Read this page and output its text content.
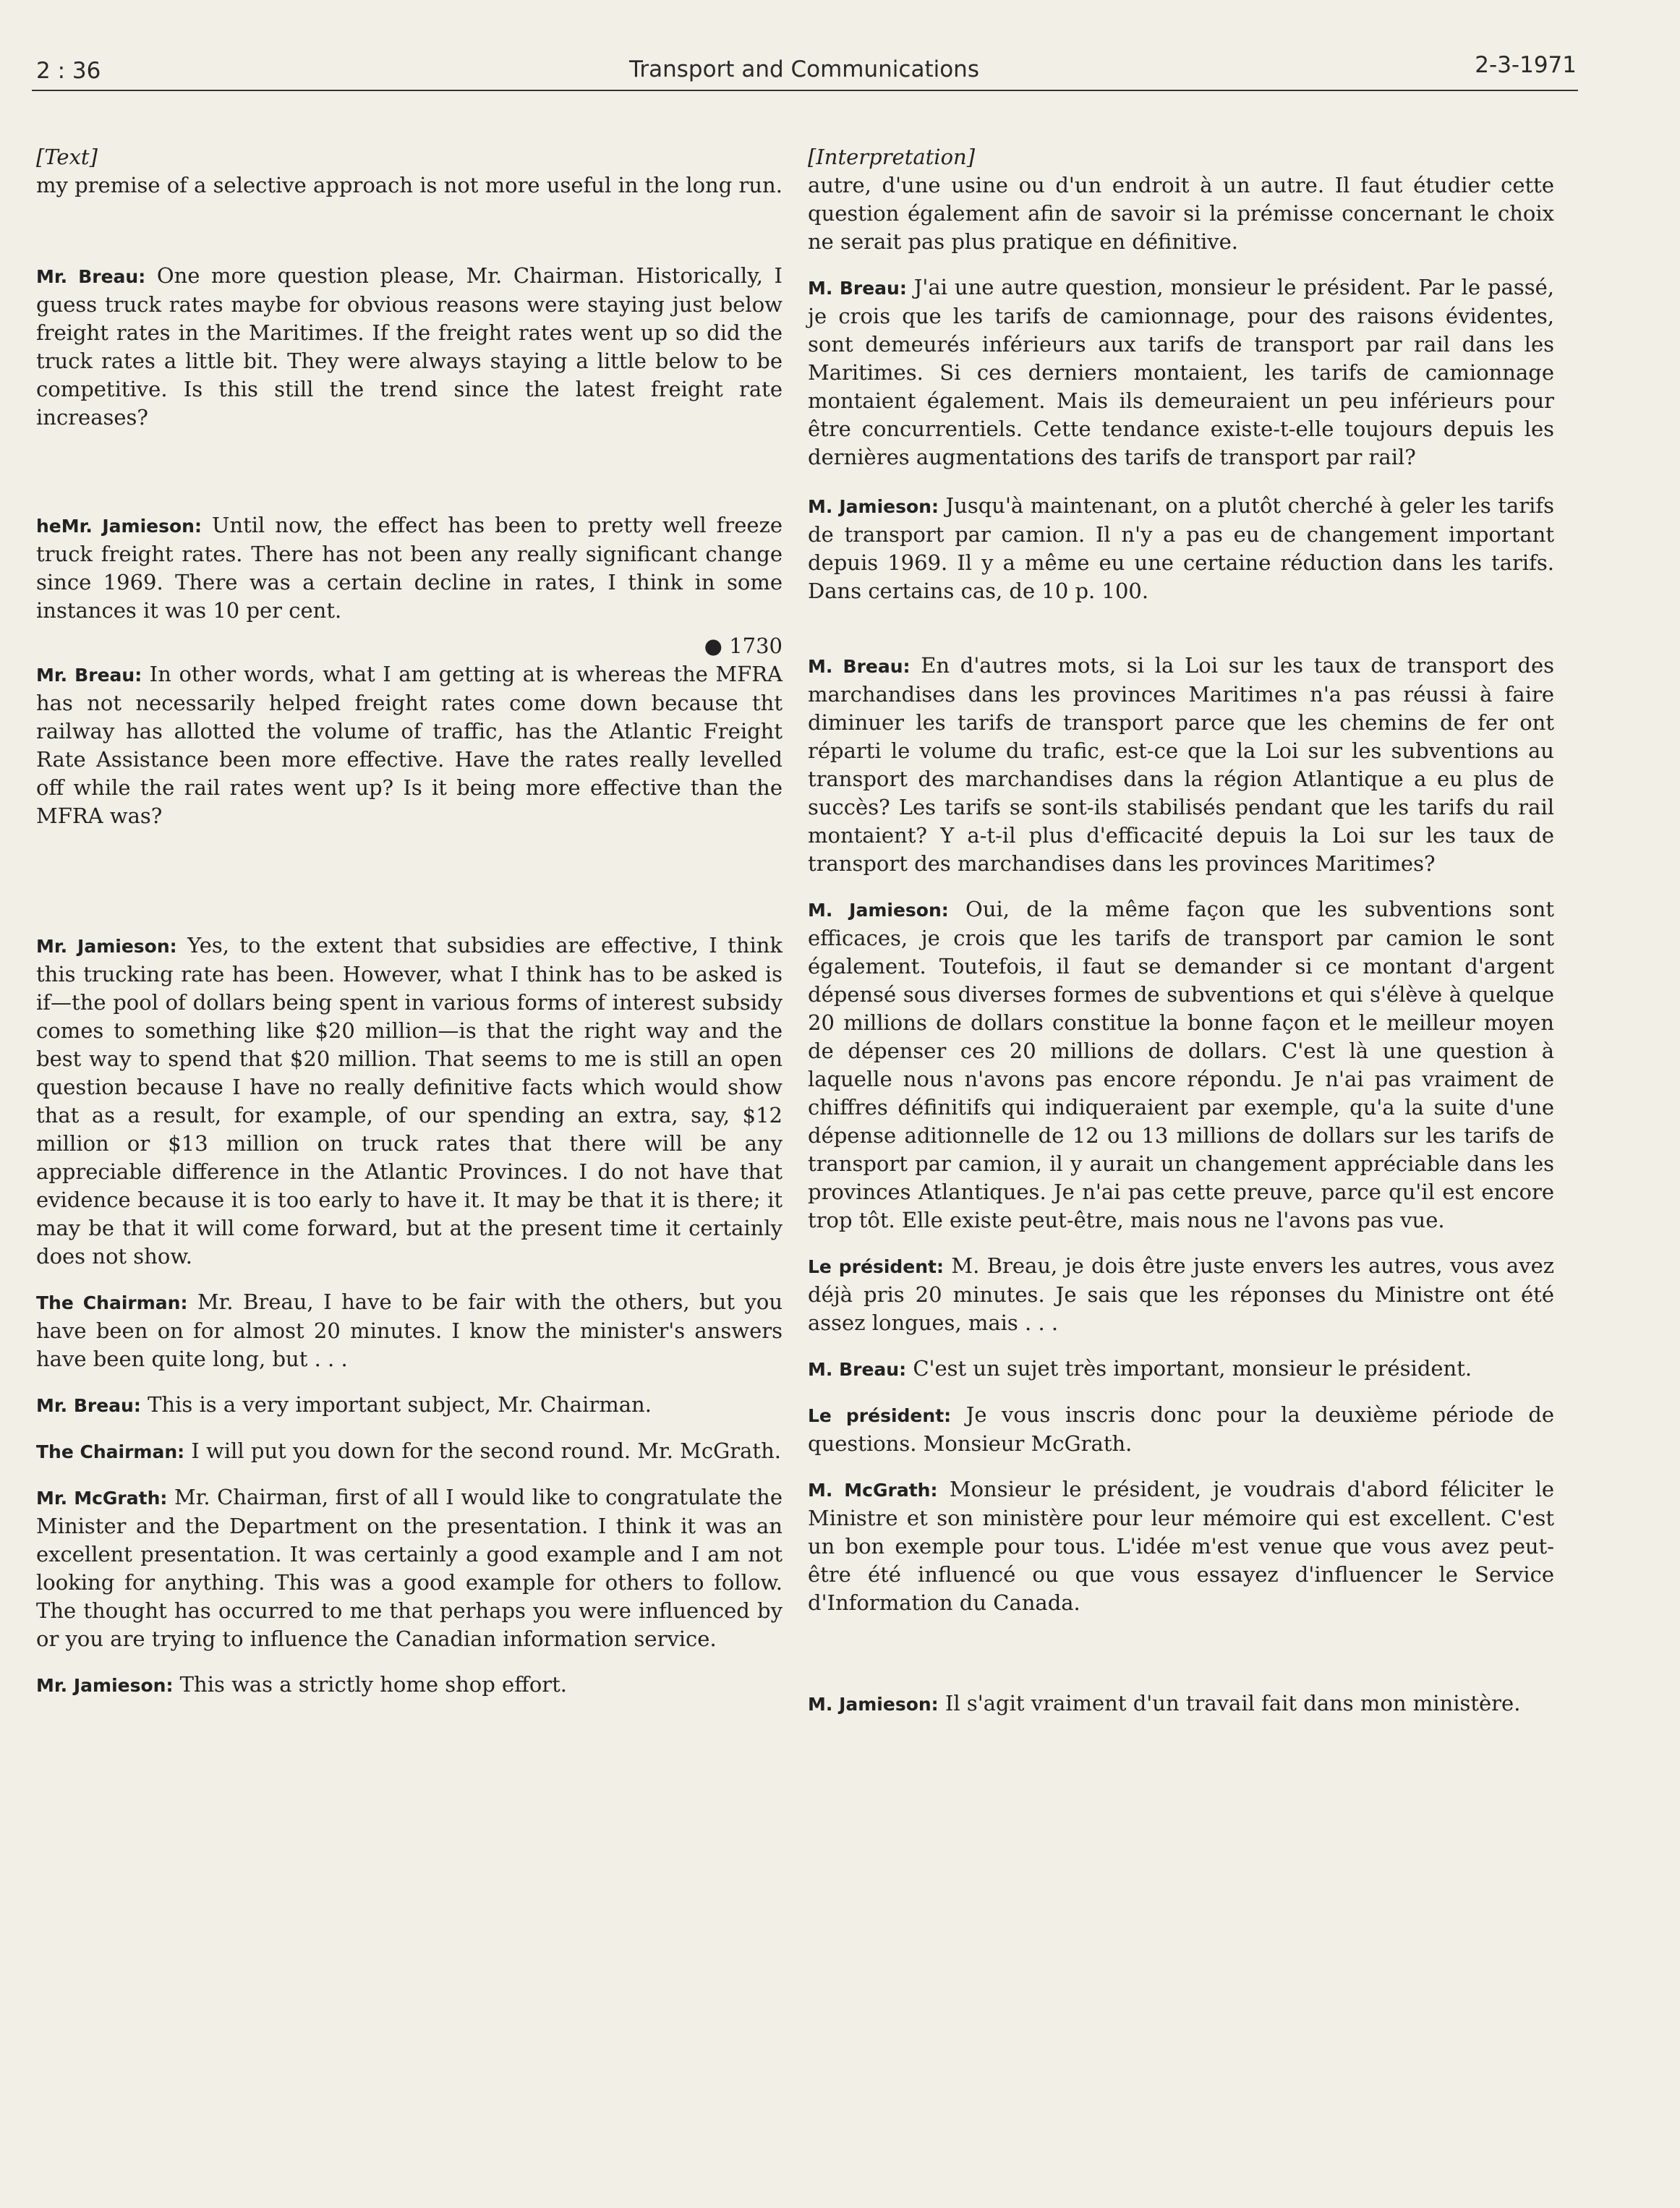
2 : 36	Transport and Communications	2-3-1971

[Text]

my premise of a selective approach is not more useful in the long run.

Mr. Breau: One more question please, Mr. Chairman. Historically, I guess truck rates maybe for obvious reasons were staying just below freight rates in the Maritimes. If the freight rates went up so did the truck rates a little bit. They were always staying a little below to be competitive. Is this still the trend since the latest freight rate increases?

heMr. Jamieson: Until now, the effect has been to pretty well freeze truck freight rates. There has not been any really significant change since 1969. There was a certain decline in rates, I think in some instances it was 10 per cent.

● 1730

Mr. Breau: In other words, what I am getting at is whereas the MFRA has not necessarily helped freight rates come down because tht railway has allotted the volume of traffic, has the Atlantic Freight Rate Assistance been more effective. Have the rates really levelled off while the rail rates went up? Is it being more effective than the MFRA was?

Mr. Jamieson: Yes, to the extent that subsidies are effective, I think this trucking rate has been. However, what I think has to be asked is if—the pool of dollars being spent in various forms of interest subsidy comes to something like $20 million—is that the right way and the best way to spend that $20 million. That seems to me is still an open question because I have no really definitive facts which would show that as a result, for example, of our spending an extra, say, $12 million or $13 million on truck rates that there will be any appreciable difference in the Atlantic Provinces. I do not have that evidence because it is too early to have it. It may be that it is there; it may be that it will come forward, but at the present time it certainly does not show.

The Chairman: Mr. Breau, I have to be fair with the others, but you have been on for almost 20 minutes. I know the minister's answers have been quite long, but . . .

Mr. Breau: This is a very important subject, Mr. Chairman.

The Chairman: I will put you down for the second round. Mr. McGrath.

Mr. McGrath: Mr. Chairman, first of all I would like to congratulate the Minister and the Department on the presentation. I think it was an excellent presentation. It was certainly a good example and I am not looking for anything. This was a good example for others to follow. The thought has occurred to me that perhaps you were influenced by or you are trying to influence the Canadian information service.

Mr. Jamieson: This was a strictly home shop effort.

[Interpretation]

autre, d'une usine ou d'un endroit à un autre. Il faut étudier cette question également afin de savoir si la prémisse concernant le choix ne serait pas plus pratique en définitive.

M. Breau: J'ai une autre question, monsieur le président. Par le passé, je crois que les tarifs de camionnage, pour des raisons évidentes, sont demeurés inférieurs aux tarifs de transport par rail dans les Maritimes. Si ces derniers montaient, les tarifs de camionnage montaient également. Mais ils demeuraient un peu inférieurs pour être concurrentiels. Cette tendance existe-t-elle toujours depuis les dernières augmentations des tarifs de transport par rail?

M. Jamieson: Jusqu'à maintenant, on a plutôt cherché à geler les tarifs de transport par camion. Il n'y a pas eu de changement important depuis 1969. Il y a même eu une certaine réduction dans les tarifs. Dans certains cas, de 10 p. 100.

M. Breau: En d'autres mots, si la Loi sur les taux de transport des marchandises dans les provinces Maritimes n'a pas réussi à faire diminuer les tarifs de transport parce que les chemins de fer ont réparti le volume du trafic, est-ce que la Loi sur les subventions au transport des marchandises dans la région Atlantique a eu plus de succès? Les tarifs se sont-ils stabilisés pendant que les tarifs du rail montaient? Y a-t-il plus d'efficacité depuis la Loi sur les taux de transport des marchandises dans les provinces Maritimes?

M. Jamieson: Oui, de la même façon que les subventions sont efficaces, je crois que les tarifs de transport par camion le sont également. Toutefois, il faut se demander si ce montant d'argent dépensé sous diverses formes de subventions et qui s'élève à quelque 20 millions de dollars constitue la bonne façon et le meilleur moyen de dépenser ces 20 millions de dollars. C'est là une question à laquelle nous n'avons pas encore répondu. Je n'ai pas vraiment de chiffres définitifs qui indiqueraient par exemple, qu'a la suite d'une dépense aditionnelle de 12 ou 13 millions de dollars sur les tarifs de transport par camion, il y aurait un changement appréciable dans les provinces Atlantiques. Je n'ai pas cette preuve, parce qu'il est encore trop tôt. Elle existe peut-être, mais nous ne l'avons pas vue.

Le président: M. Breau, je dois être juste envers les autres, vous avez déjà pris 20 minutes. Je sais que les réponses du Ministre ont été assez longues, mais . . .

M. Breau: C'est un sujet très important, monsieur le président.

Le président: Je vous inscris donc pour la deuxième période de questions. Monsieur McGrath.

M. McGrath: Monsieur le président, je voudrais d'abord féliciter le Ministre et son ministère pour leur mémoire qui est excellent. C'est un bon exemple pour tous. L'idée m'est venue que vous avez peut-être été influencé ou que vous essayez d'influencer le Service d'Information du Canada.

M. Jamieson: Il s'agit vraiment d'un travail fait dans mon ministère.
